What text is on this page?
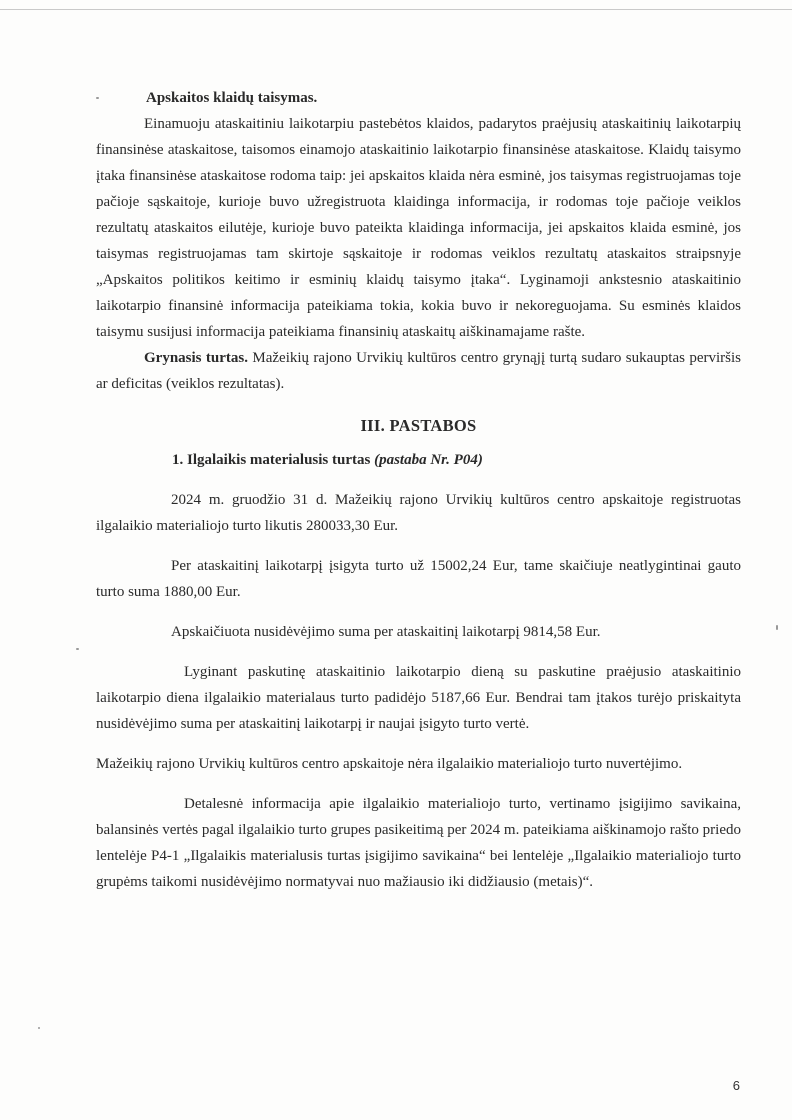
Apskaitos klaidų taisymas.

Einamuoju ataskaitiniu laikotarpiu pastebėtos klaidos, padarytos praėjusių ataskaitinių laikotarpių finansinėse ataskaitose, taisomos einamojo ataskaitinio laikotarpio finansinėse ataskaitose. Klaidų taisymo įtaka finansinėse ataskaitose rodoma taip: jei apskaitos klaida nėra esminė, jos taisymas registruojamas toje pačioje sąskaitoje, kurioje buvo užregistruota klaidinga informacija, ir rodomas toje pačioje veiklos rezultatų ataskaitos eilutėje, kurioje buvo pateikta klaidinga informacija, jei apskaitos klaida esminė, jos taisymas registruojamas tam skirtoje sąskaitoje ir rodomas veiklos rezultatų ataskaitos straipsnyje „Apskaitos politikos keitimo ir esminių klaidų taisymo įtaka“. Lyginamoji ankstesnio ataskaitinio laikotarpio finansinė informacija pateikiama tokia, kokia buvo ir nekoreguojama. Su esminės klaidos taisymu susijusi informacija pateikiama finansinių ataskaitų aiškinamajame rašte.

Grynasis turtas. Mažeikių rajono Urvikių kultūros centro grynąjį turtą sudaro sukauptas perviršis ar deficitas (veiklos rezultatas).

III. PASTABOS

1. Ilgalaikis materialusis turtas (pastaba Nr. P04)

2024 m. gruodžio 31 d. Mažeikių rajono Urvikių kultūros centro apskaitoje registruotas ilgalaikio materialiojo turto likutis 280033,30 Eur.

Per ataskaitinį laikotarpį įsigyta turto už 15002,24 Eur, tame skaičiuje neatlygintinai gauto turto suma 1880,00 Eur.

Apskaičiuota nusidėvėjimo suma per ataskaitinį laikotarpį 9814,58 Eur.

Lyginant paskutinę ataskaitinio laikotarpio dieną su paskutine praėjusio ataskaitinio laikotarpio diena ilgalaikio materialaus turto padidėjo 5187,66 Eur. Bendrai tam įtakos turėjo priskaityta nusidėvėjimo suma per ataskaitinį laikotarpį ir naujai įsigyto turto vertė.

Mažeikių rajono Urvikių kultūros centro apskaitoje nėra ilgalaikio materialiojo turto nuvertėjimo.

Detalesnė informacija apie ilgalaikio materialiojo turto, vertinamo įsigijimo savikaina, balansinės vertės pagal ilgalaikio turto grupes pasikeitimą per 2024 m. pateikiama aiškinamojo rašto priedo lentelėje P4-1 „Ilgalaikis materialusis turtas įsigijimo savikaina“ bei lentelėje „Ilgalaikio materialiojo turto grupėms taikomi nusidėvėjimo normatyvai nuo mažiausio iki didžiausio (metais)“.

6
